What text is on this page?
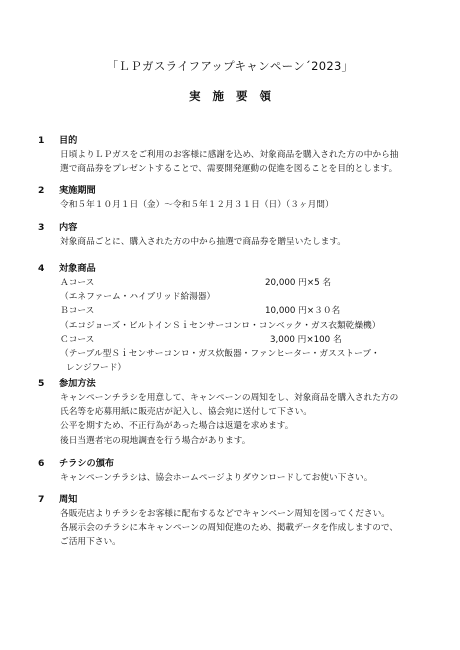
「ＬＰガスライフアップキャンペーン´2023」
実施要領
1 目的
日頃よりＬＰガスをご利用のお客様に感謝を込め、対象商品を購入された方の中から抽
選で商品券をプレゼントすることで、需要開発運動の促進を図ることを目的とします。
2 実施期間
令和５年１０月１日（金）～令和５年１２月３１日（日）（３ヶ月間）
3 内容
対象商品ごとに、購入された方の中から抽選で商品券を贈呈いたします。
4 対象商品
Ａコース	20,000 円×5 名
（エネファーム・ハイブリッド給湯器）
Ｂコース	10,000 円×３０名
（エコジョーズ・ビルトインＳｉセンサーコンロ・コンベック・ガス衣類乾燥機）
Ｃコース	3,000 円×100 名
（テーブル型Ｓｉセンサーコンロ・ガス炊飯器・ファンヒーター・ガスストーブ・
レンジフード）
5 参加方法
キャンペーンチラシを用意して、キャンペーンの周知をし、対象商品を購入された方の
氏名等を応募用紙に販売店が記入し、協会宛に送付して下さい。
公平を期すため、不正行為があった場合は返還を求めます。
後日当選者宅の現地調査を行う場合があります。
6 チラシの頒布
キャンペーンチラシは、協会ホームページよりダウンロードしてお使い下さい。
7 周知
各販売店よりチラシをお客様に配布するなどでキャンペーン周知を図ってください。
各展示会のチラシに本キャンペーンの周知促進のため、掲載データを作成しますので、
ご活用下さい。
